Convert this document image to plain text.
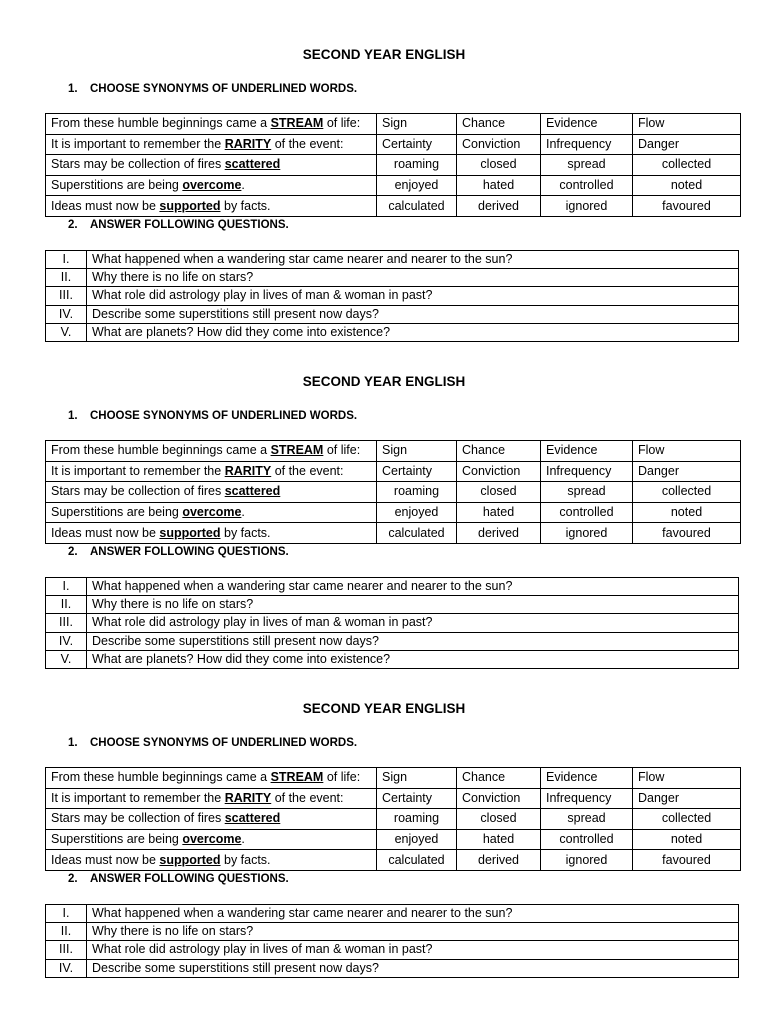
SECOND YEAR ENGLISH
1. CHOOSE SYNONYMS OF UNDERLINED WORDS.
From these humble beginnings came a STREAM of life:	Sign	Chance	Evidence	Flow
It is important to remember the RARITY of the event:	Certainty	Conviction	Infrequency	Danger
Stars may be collection of fires scattered	roaming	closed	spread	collected
Superstitions are being overcome.	enjoyed	hated	controlled	noted
Ideas must now be supported by facts.	calculated	derived	ignored	favoured
2. ANSWER FOLLOWING QUESTIONS.
I.	What happened when a wandering star came nearer and nearer to the sun?
II.	Why there is no life on stars?
III.	What role did astrology play in lives of man & woman in past?
IV.	Describe some superstitions still present now days?
V.	What are planets? How did they come into existence?
SECOND YEAR ENGLISH
1. CHOOSE SYNONYMS OF UNDERLINED WORDS.
From these humble beginnings came a STREAM of life:	Sign	Chance	Evidence	Flow
It is important to remember the RARITY of the event:	Certainty	Conviction	Infrequency	Danger
Stars may be collection of fires scattered	roaming	closed	spread	collected
Superstitions are being overcome.	enjoyed	hated	controlled	noted
Ideas must now be supported by facts.	calculated	derived	ignored	favoured
2. ANSWER FOLLOWING QUESTIONS.
I.	What happened when a wandering star came nearer and nearer to the sun?
II.	Why there is no life on stars?
III.	What role did astrology play in lives of man & woman in past?
IV.	Describe some superstitions still present now days?
V.	What are planets? How did they come into existence?
SECOND YEAR ENGLISH
1. CHOOSE SYNONYMS OF UNDERLINED WORDS.
From these humble beginnings came a STREAM of life:	Sign	Chance	Evidence	Flow
It is important to remember the RARITY of the event:	Certainty	Conviction	Infrequency	Danger
Stars may be collection of fires scattered	roaming	closed	spread	collected
Superstitions are being overcome.	enjoyed	hated	controlled	noted
Ideas must now be supported by facts.	calculated	derived	ignored	favoured
2. ANSWER FOLLOWING QUESTIONS.
I.	What happened when a wandering star came nearer and nearer to the sun?
II.	Why there is no life on stars?
III.	What role did astrology play in lives of man & woman in past?
IV.	Describe some superstitions still present now days?
